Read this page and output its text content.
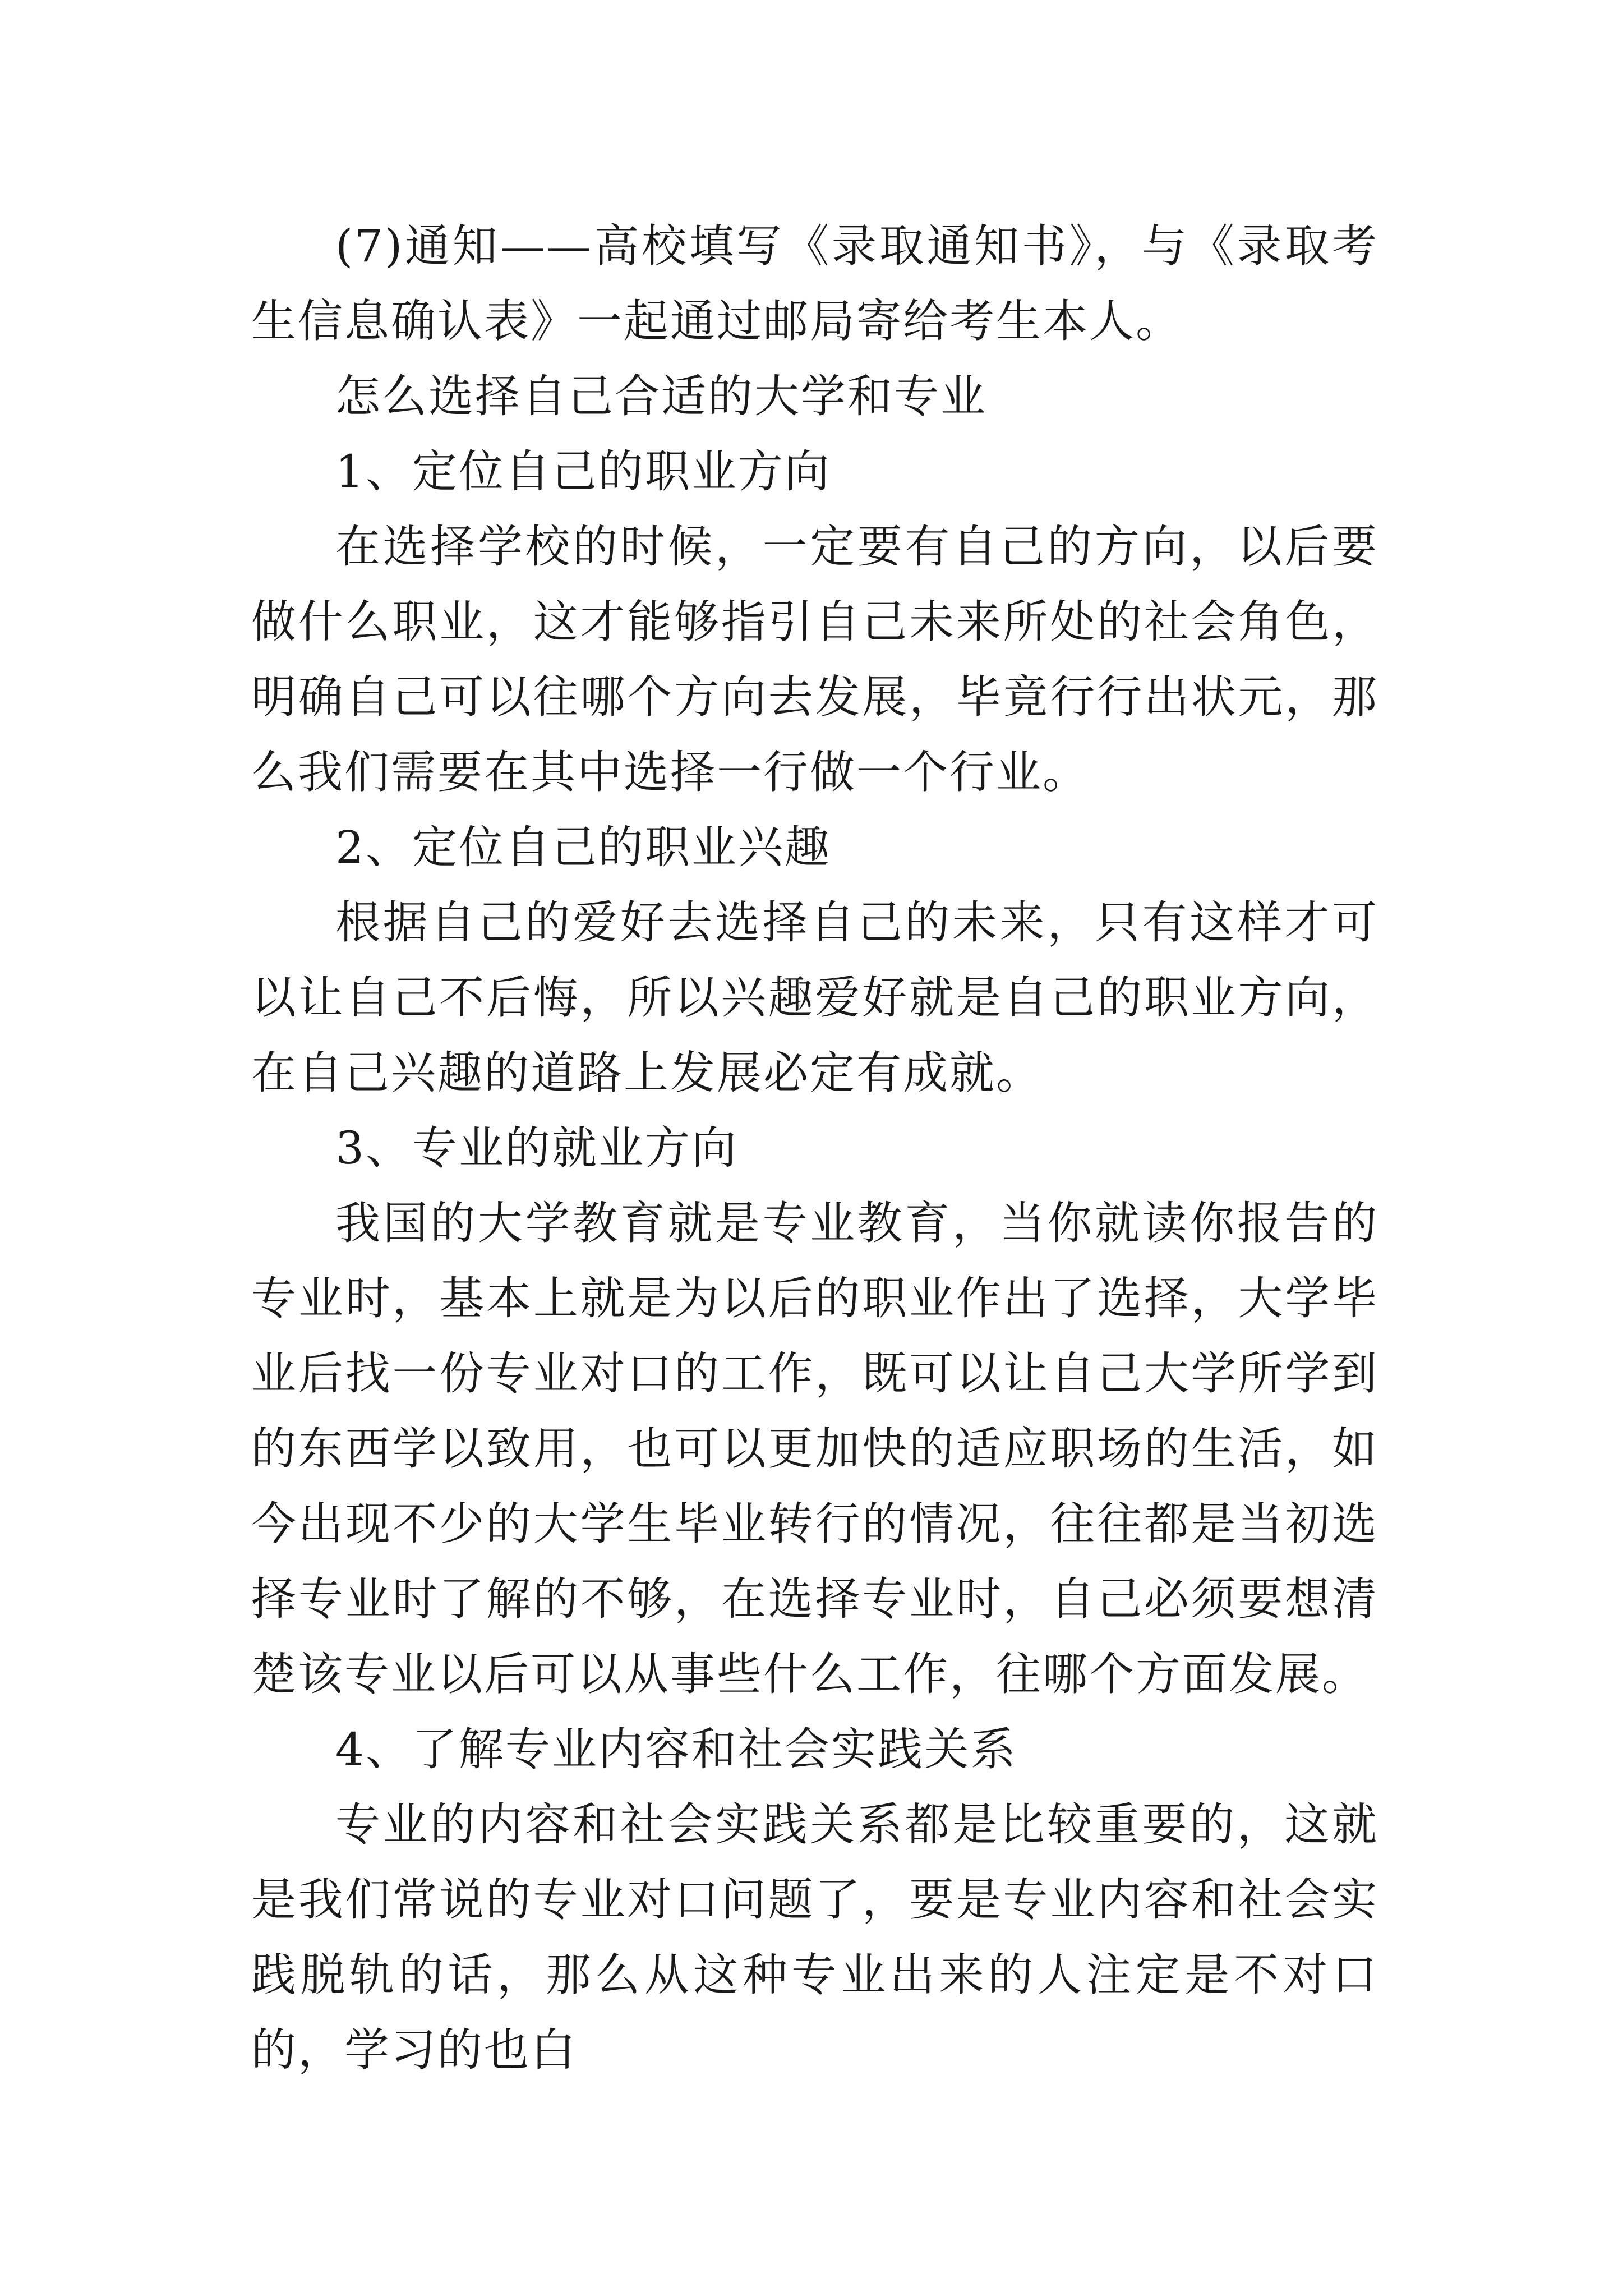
(7)通知——高校填写《录取通知书》，与《录取考生信息确认表》一起通过邮局寄给考生本人。

怎么选择自己合适的大学和专业

1、定位自己的职业方向

在选择学校的时候，一定要有自己的方向，以后要做什么职业，这才能够指引自己未来所处的社会角色，明确自己可以往哪个方向去发展，毕竟行行出状元，那么我们需要在其中选择一行做一个行业。

2、定位自己的职业兴趣

根据自己的爱好去选择自己的未来，只有这样才可以让自己不后悔，所以兴趣爱好就是自己的职业方向，在自己兴趣的道路上发展必定有成就。

3、专业的就业方向

我国的大学教育就是专业教育，当你就读你报告的专业时，基本上就是为以后的职业作出了选择，大学毕业后找一份专业对口的工作，既可以让自己大学所学到的东西学以致用，也可以更加快的适应职场的生活，如今出现不少的大学生毕业转行的情况，往往都是当初选择专业时了解的不够，在选择专业时，自己必须要想清楚该专业以后可以从事些什么工作，往哪个方面发展。

4、了解专业内容和社会实践关系

专业的内容和社会实践关系都是比较重要的，这就是我们常说的专业对口问题了，要是专业内容和社会实践脱轨的话，那么从这种专业出来的人注定是不对口的，学习的也白
